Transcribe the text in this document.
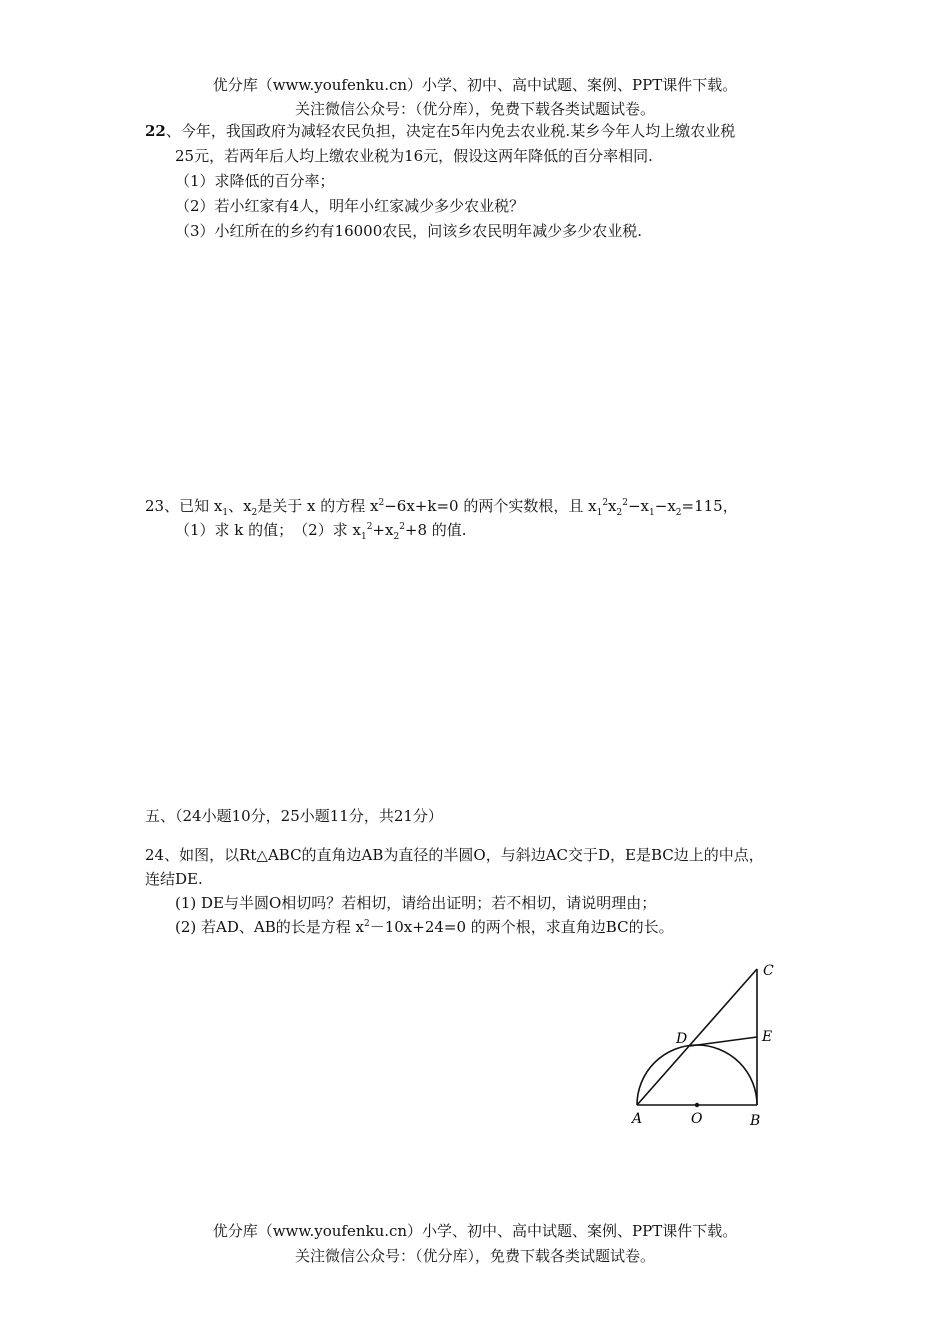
优分库（www.youfenku.cn）小学、初中、高中试题、案例、PPT课件下载。
关注微信公众号：（优分库），免费下载各类试题试卷。
22、今年，我国政府为减轻农民负担，决定在5年内免去农业税.某乡今年人均上缴农业税
25元，若两年后人均上缴农业税为16元，假设这两年降低的百分率相同.
（1）求降低的百分率；
（2）若小红家有4人，明年小红家减少多少农业税？
（3）小红所在的乡约有16000农民，问该乡农民明年减少多少农业税.
23、已知 $x_1$、$x_2$是关于 x 的方程 $x^2-6x+k=0$ 的两个实数根，且 $x_1^2x_2^2-x_1-x_2=115$，
（1）求 k 的值；　（2）求 $x_1^2+x_2^2+8$ 的值.
五、（24小题10分，25小题11分，共21分）
24、如图，以Rt△ABC的直角边AB为直径的半圆O，与斜边AC交于D，E是BC边上的中点，
连结DE.
(1) DE与半圆O相切吗？若相切，请给出证明；若不相切，请说明理由；
(2) 若AD、AB的长是方程 $x^2-10x+24=0$ 的两个根，求直角边BC的长。
C
D	E
A	O	B
优分库（www.youfenku.cn）小学、初中、高中试题、案例、PPT课件下载。
关注微信公众号：（优分库），免费下载各类试题试卷。
